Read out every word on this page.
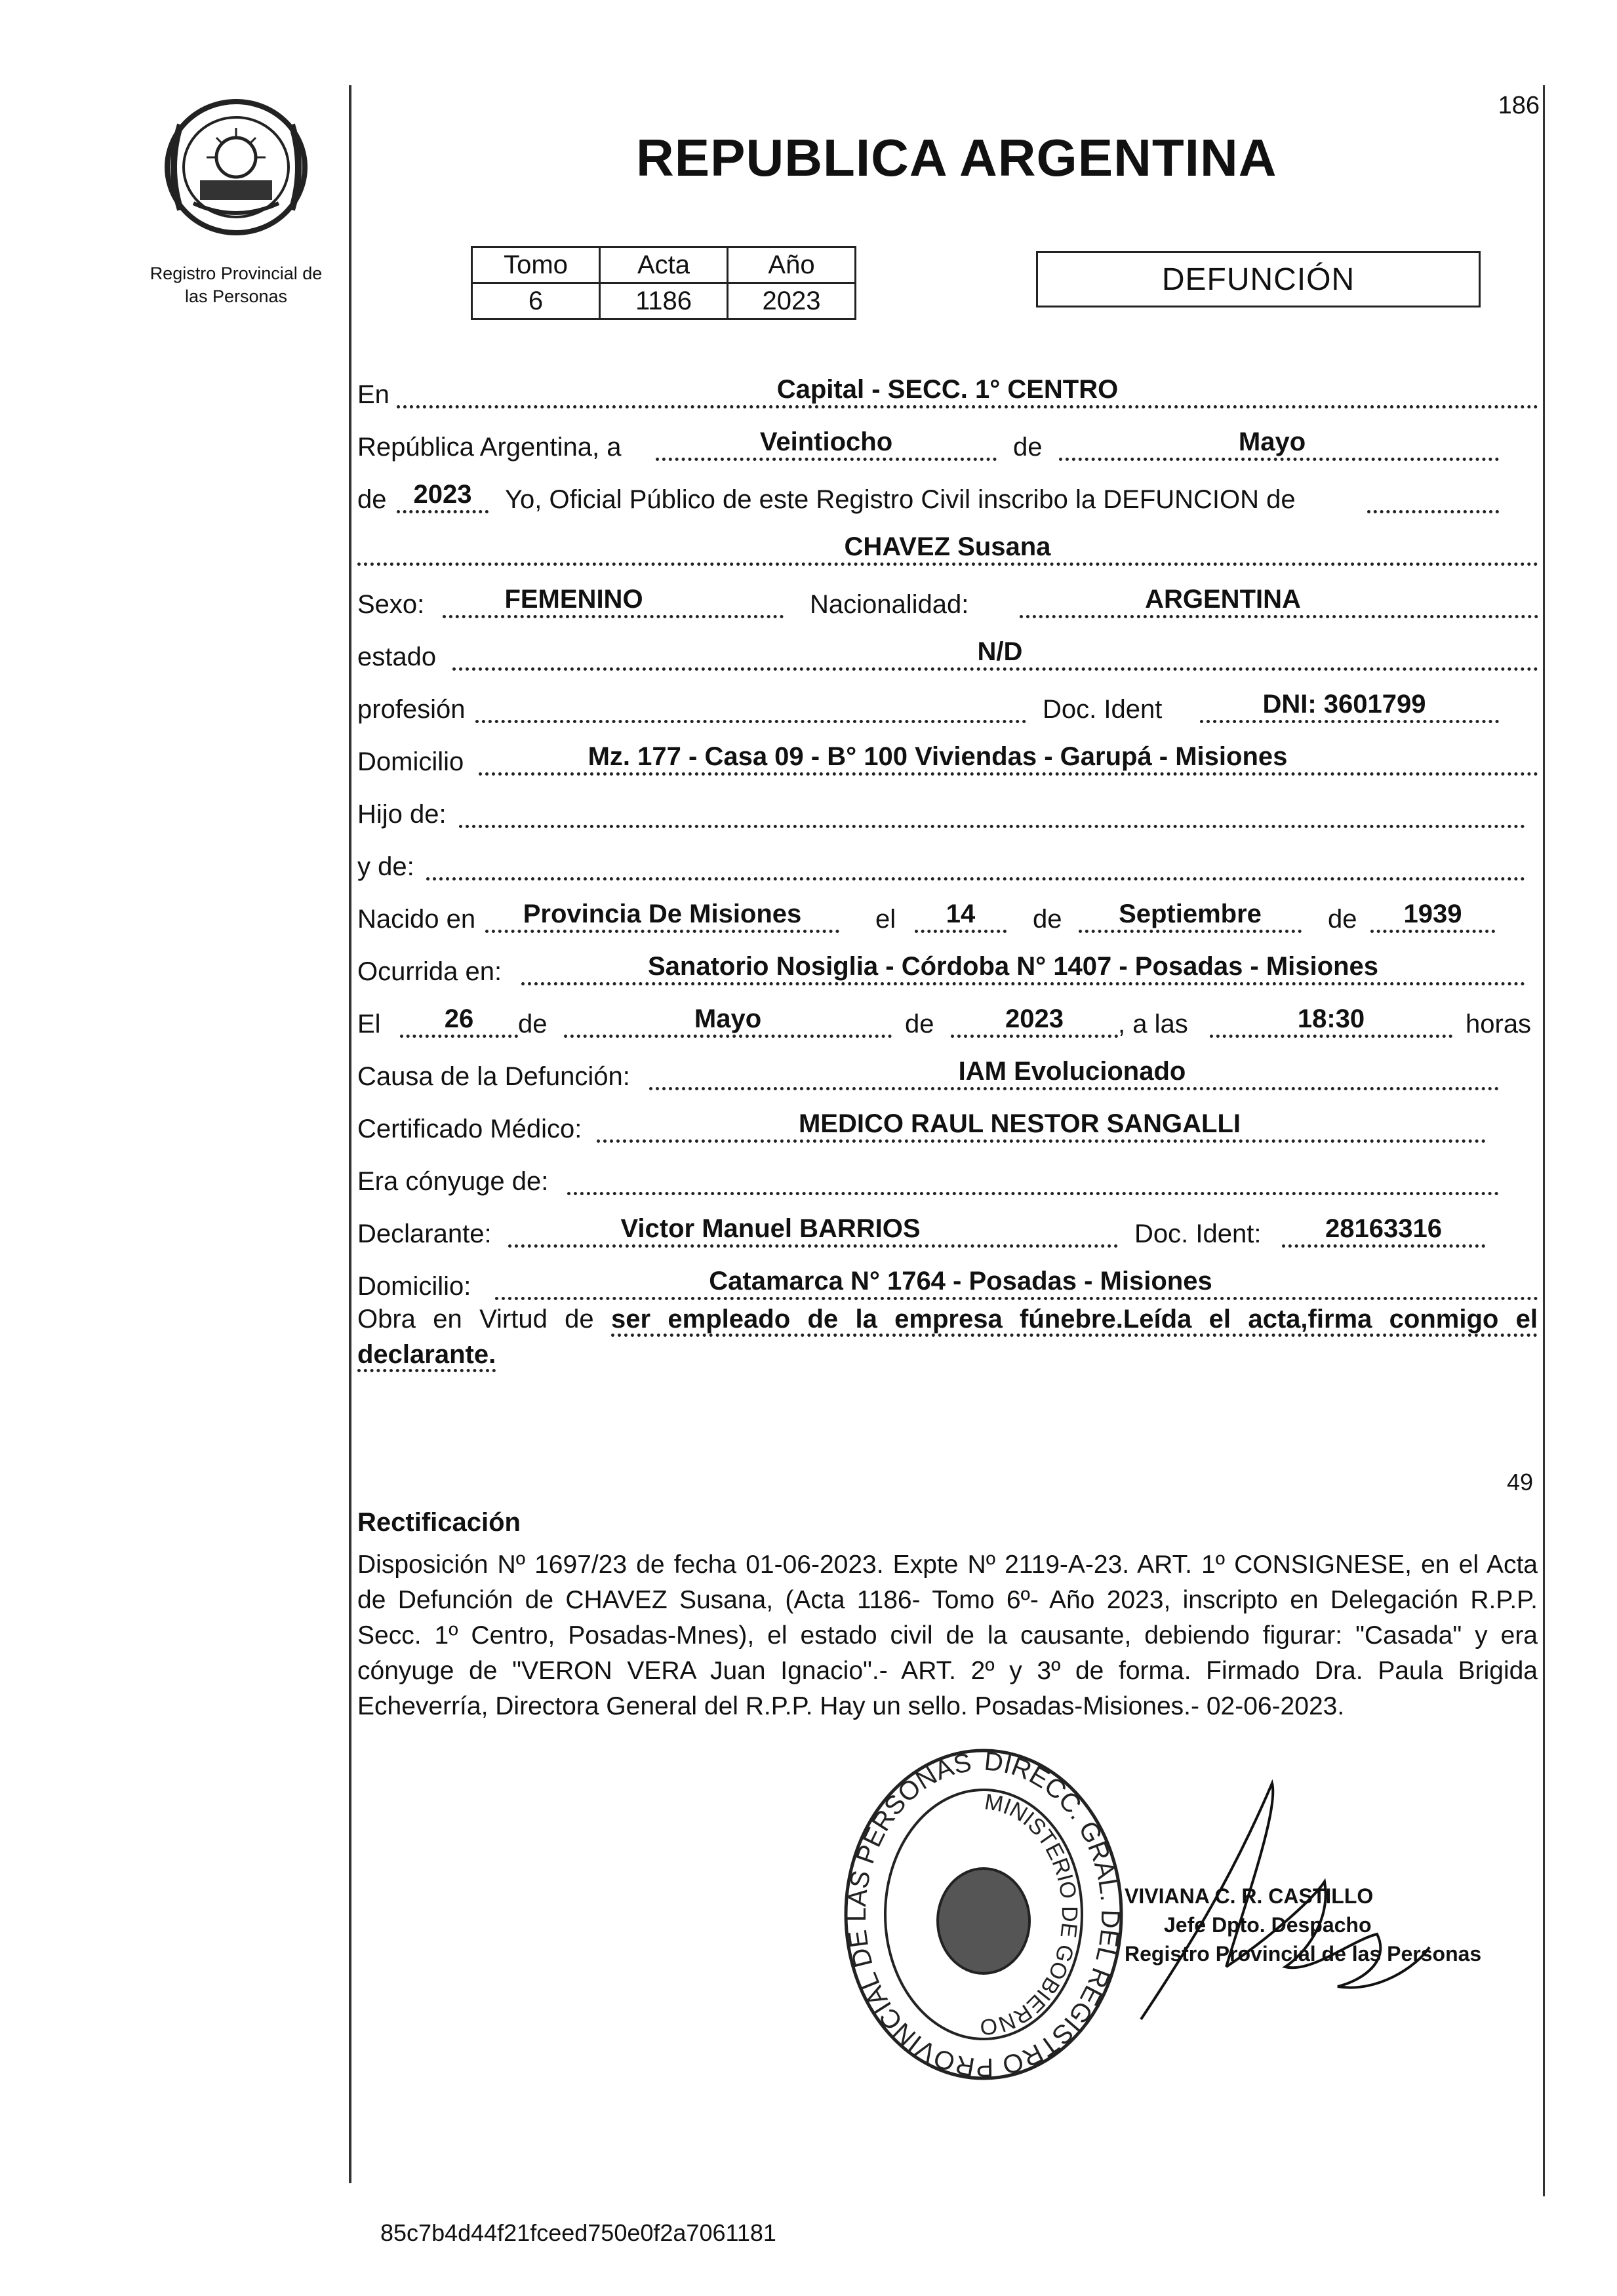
Registro Provincial de
las Personas
186
REPUBLICA ARGENTINA
Tomo	Acta	Año
6	1186	2023
DEFUNCIÓN
En	Capital - SECC. 1° CENTRO
República Argentina, a	Veintiocho	de	Mayo
de	2023	Yo, Oficial Público de este Registro Civil inscribo la DEFUNCION de
CHAVEZ Susana
Sexo:	FEMENINO	Nacionalidad:	ARGENTINA
estado	N/D
profesión	Doc. Ident	DNI: 3601799
Domicilio	Mz. 177 - Casa 09 - B° 100 Viviendas - Garupá - Misiones
Hijo de:
y de:
Nacido en	Provincia De Misiones	el	14	de	Septiembre	de	1939
Ocurrida en:	Sanatorio Nosiglia - Córdoba N° 1407 - Posadas - Misiones
El	26	de	Mayo	de	2023	, a las	18:30	horas
Causa de la Defunción:	IAM Evolucionado
Certificado Médico:	MEDICO RAUL NESTOR SANGALLI
Era cónyuge de:
Declarante:	Victor Manuel BARRIOS	Doc. Ident:	28163316
Domicilio:	Catamarca N° 1764 - Posadas - Misiones
Obra en Virtud de ser empleado de la empresa fúnebre.Leída el acta,firma conmigo el declarante.
49
Rectificación
Disposición Nº 1697/23 de fecha 01-06-2023. Expte Nº 2119-A-23. ART. 1º CONSIGNESE, en el Acta de Defunción de CHAVEZ Susana, (Acta 1186- Tomo 6º- Año 2023, inscripto en Delegación R.P.P. Secc. 1º Centro, Posadas-Mnes), el estado civil de la causante, debiendo figurar: "Casada" y era cónyuge de "VERON VERA Juan Ignacio".- ART. 2º y 3º de forma. Firmado Dra. Paula Brigida Echeverría, Directora General del R.P.P. Hay un sello. Posadas-Misiones.- 02-06-2023.
DIRECC. GRAL. DEL REGISTRO PROVINCIAL DE LAS PERSONAS
MINISTERIO DE GOBIERNO
VIVIANA C. R. CASTILLO
Jefe Dpto. Despacho
Registro Provincial de las Personas
85c7b4d44f21fceed750e0f2a7061181
